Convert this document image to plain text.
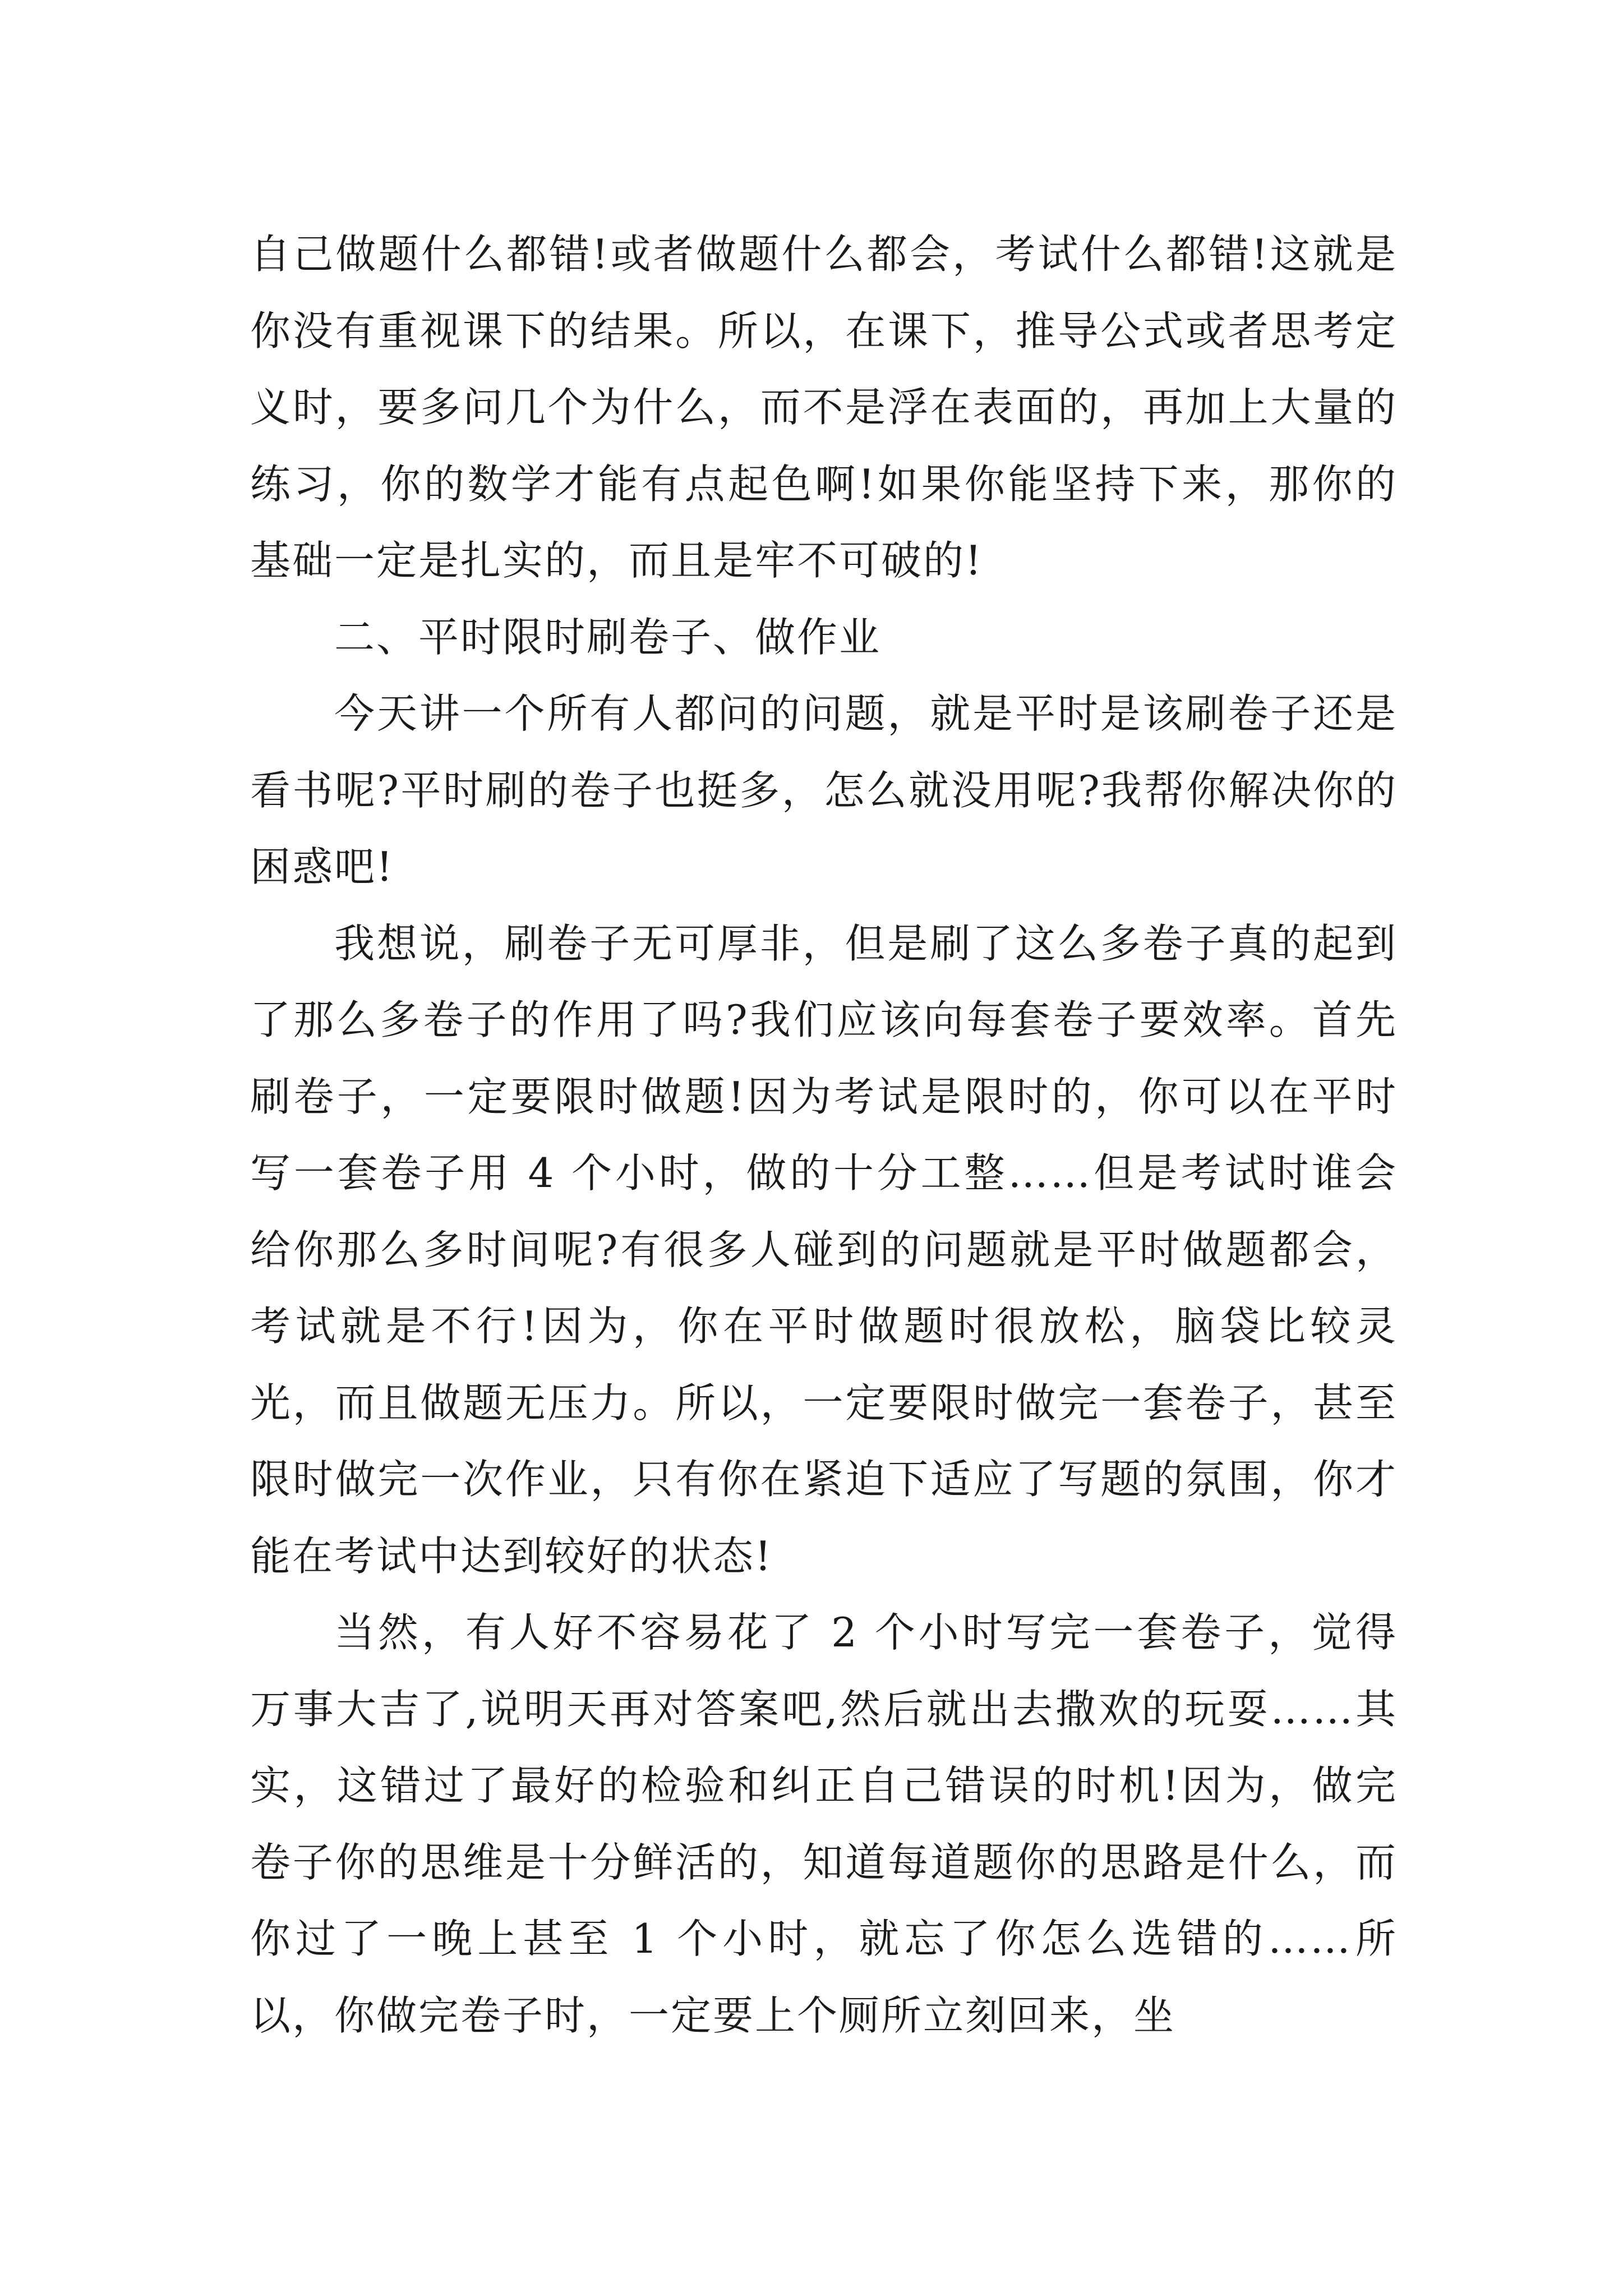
自己做题什么都错!或者做题什么都会，考试什么都错!这就是你没有重视课下的结果。所以，在课下，推导公式或者思考定义时，要多问几个为什么，而不是浮在表面的，再加上大量的练习，你的数学才能有点起色啊!如果你能坚持下来，那你的基础一定是扎实的，而且是牢不可破的!

二、平时限时刷卷子、做作业

今天讲一个所有人都问的问题，就是平时是该刷卷子还是看书呢?平时刷的卷子也挺多，怎么就没用呢?我帮你解决你的困惑吧!

我想说，刷卷子无可厚非，但是刷了这么多卷子真的起到了那么多卷子的作用了吗?我们应该向每套卷子要效率。首先刷卷子，一定要限时做题!因为考试是限时的，你可以在平时写一套卷子用 4 个小时，做的十分工整……但是考试时谁会给你那么多时间呢?有很多人碰到的问题就是平时做题都会，考试就是不行!因为，你在平时做题时很放松，脑袋比较灵光，而且做题无压力。所以，一定要限时做完一套卷子，甚至限时做完一次作业，只有你在紧迫下适应了写题的氛围，你才能在考试中达到较好的状态!

当然，有人好不容易花了 2 个小时写完一套卷子，觉得万事大吉了,说明天再对答案吧,然后就出去撒欢的玩耍……其实，这错过了最好的检验和纠正自己错误的时机!因为，做完卷子你的思维是十分鲜活的，知道每道题你的思路是什么，而你过了一晚上甚至 1 个小时，就忘了你怎么选错的……所以，你做完卷子时，一定要上个厕所立刻回来，坐
